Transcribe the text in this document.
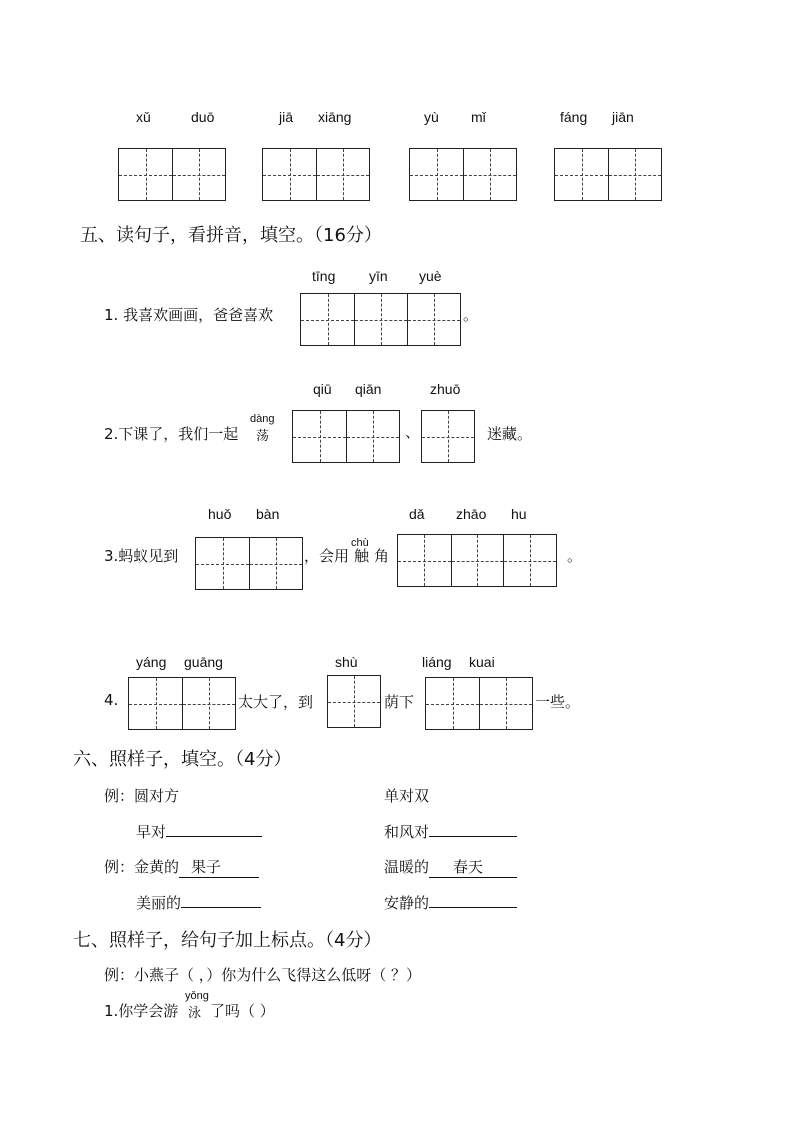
xǔ	duō	jiā xiāng	yù mǐ	fáng jiān
五、读句子，看拼音，填空。（16分）
tīng yīn yuè
1. 我喜欢画画，爸爸喜欢	。
qiū qiān	zhuō
2.下课了，我们一起
dàng
荡	、	迷藏。
huǒ bàn	dǎ zhāo hu
3.蚂蚁见到	，会用
chù
触 角	。
yáng guāng	shù	liáng kuai
4.	太大了，到	荫下	一些。
六、照样子，填空。（4分）
例：圆对方	单对双
早对	和风对
例：金黄的 果子	温暖的 春天
美丽的	安静的
七、照样子，给句子加上标点。（4分）
例：小燕子（ ，）你为什么飞得这么低呀（ ？）
1.你学会游
yǒng
泳 了吗（ ）
